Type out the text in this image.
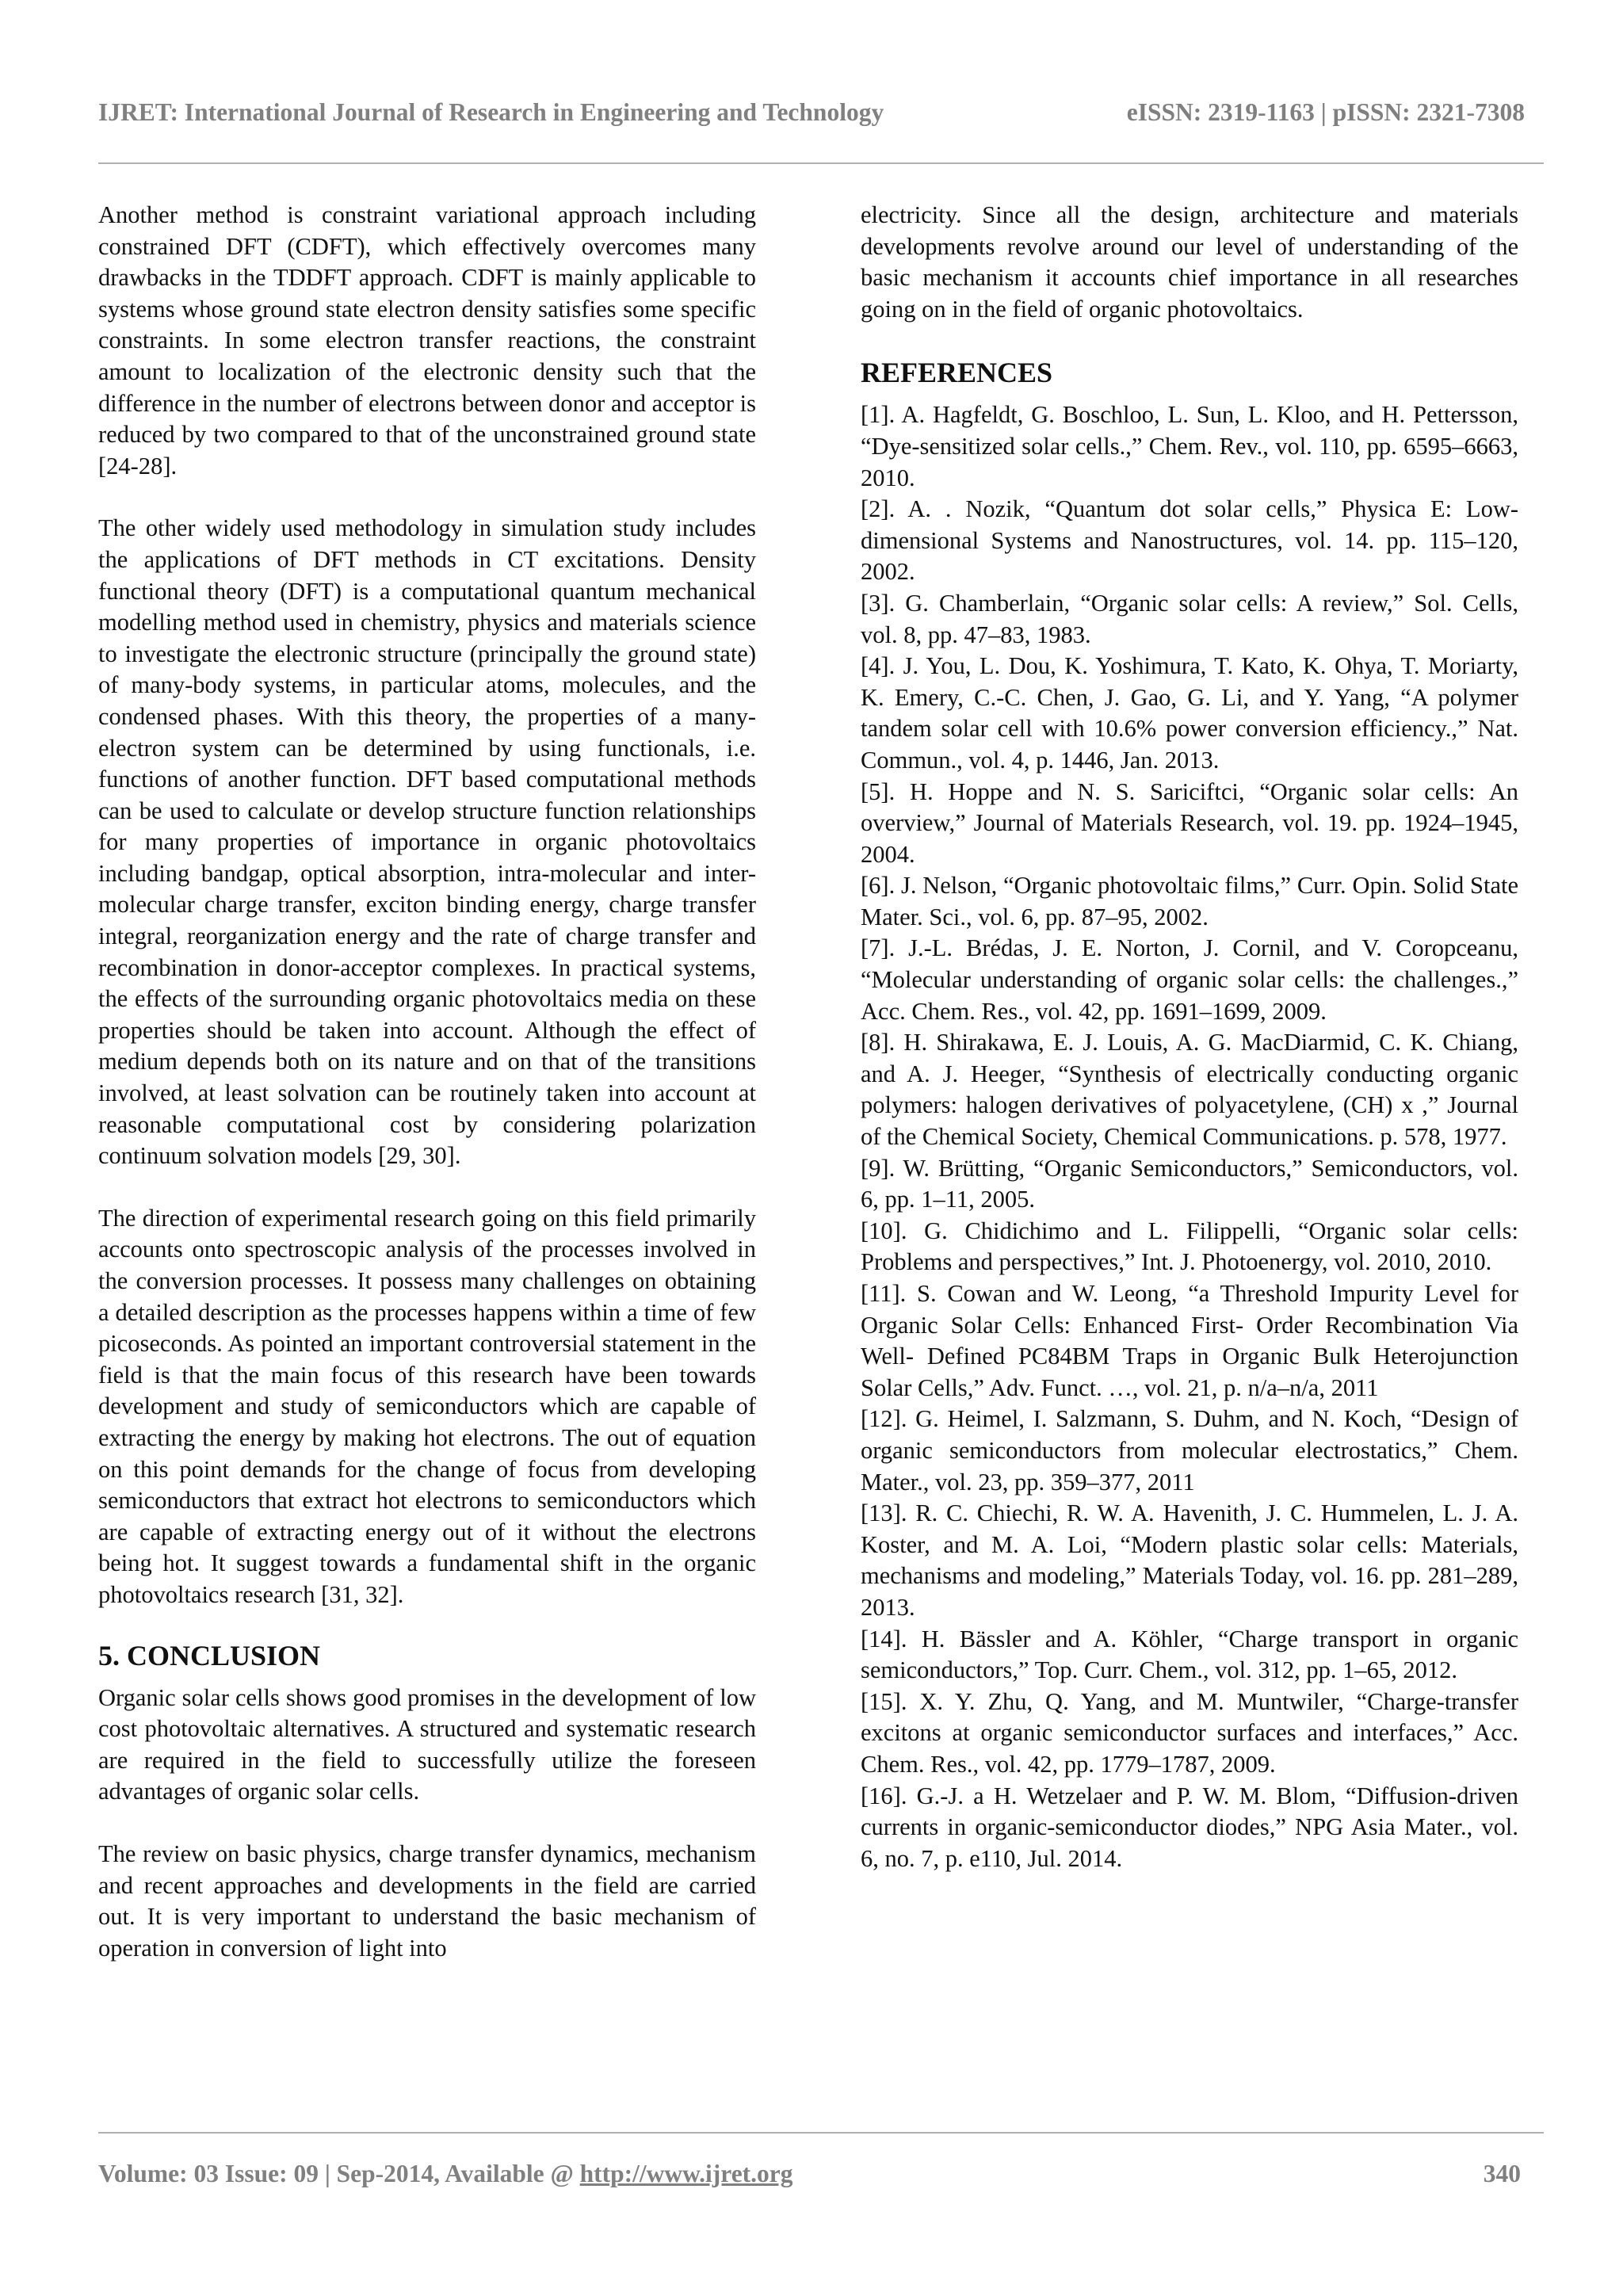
IJRET: International Journal of Research in Engineering and Technology	eISSN: 2319-1163 | pISSN: 2321-7308

Another method is constraint variational approach including constrained DFT (CDFT), which effectively overcomes many drawbacks in the TDDFT approach. CDFT is mainly applicable to systems whose ground state electron density satisfies some specific constraints. In some electron transfer reactions, the constraint amount to localization of the electronic density such that the difference in the number of electrons between donor and acceptor is reduced by two compared to that of the unconstrained ground state [24-28].

The other widely used methodology in simulation study includes the applications of DFT methods in CT excitations. Density functional theory (DFT) is a computational quantum mechanical modelling method used in chemistry, physics and materials science to investigate the electronic structure (principally the ground state) of many-body systems, in particular atoms, molecules, and the condensed phases. With this theory, the properties of a many-electron system can be determined by using functionals, i.e. functions of another function. DFT based computational methods can be used to calculate or develop structure function relationships for many properties of importance in organic photovoltaics including bandgap, optical absorption, intra-molecular and inter-molecular charge transfer, exciton binding energy, charge transfer integral, reorganization energy and the rate of charge transfer and recombination in donor-acceptor complexes. In practical systems, the effects of the surrounding organic photovoltaics media on these properties should be taken into account. Although the effect of medium depends both on its nature and on that of the transitions involved, at least solvation can be routinely taken into account at reasonable computational cost by considering polarization continuum solvation models [29, 30].

The direction of experimental research going on this field primarily accounts onto spectroscopic analysis of the processes involved in the conversion processes. It possess many challenges on obtaining a detailed description as the processes happens within a time of few picoseconds. As pointed an important controversial statement in the field is that the main focus of this research have been towards development and study of semiconductors which are capable of extracting the energy by making hot electrons. The out of equation on this point demands for the change of focus from developing semiconductors that extract hot electrons to semiconductors which are capable of extracting energy out of it without the electrons being hot. It suggest towards a fundamental shift in the organic photovoltaics research [31, 32].

5. CONCLUSION

Organic solar cells shows good promises in the development of low cost photovoltaic alternatives. A structured and systematic research are required in the field to successfully utilize the foreseen advantages of organic solar cells.

The review on basic physics, charge transfer dynamics, mechanism and recent approaches and developments in the field are carried out. It is very important to understand the basic mechanism of operation in conversion of light into

electricity. Since all the design, architecture and materials developments revolve around our level of understanding of the basic mechanism it accounts chief importance in all researches going on in the field of organic photovoltaics.

REFERENCES

[1]. A. Hagfeldt, G. Boschloo, L. Sun, L. Kloo, and H. Pettersson, “Dye-sensitized solar cells.,” Chem. Rev., vol. 110, pp. 6595–6663, 2010.

[2]. A. . Nozik, “Quantum dot solar cells,” Physica E: Low-dimensional Systems and Nanostructures, vol. 14. pp. 115–120, 2002.

[3]. G. Chamberlain, “Organic solar cells: A review,” Sol. Cells, vol. 8, pp. 47–83, 1983.

[4]. J. You, L. Dou, K. Yoshimura, T. Kato, K. Ohya, T. Moriarty, K. Emery, C.-C. Chen, J. Gao, G. Li, and Y. Yang, “A polymer tandem solar cell with 10.6% power conversion efficiency.,” Nat. Commun., vol. 4, p. 1446, Jan. 2013.

[5]. H. Hoppe and N. S. Sariciftci, “Organic solar cells: An overview,” Journal of Materials Research, vol. 19. pp. 1924–1945, 2004.

[6]. J. Nelson, “Organic photovoltaic films,” Curr. Opin. Solid State Mater. Sci., vol. 6, pp. 87–95, 2002.

[7]. J.-L. Brédas, J. E. Norton, J. Cornil, and V. Coropceanu, “Molecular understanding of organic solar cells: the challenges.,” Acc. Chem. Res., vol. 42, pp. 1691–1699, 2009.

[8]. H. Shirakawa, E. J. Louis, A. G. MacDiarmid, C. K. Chiang, and A. J. Heeger, “Synthesis of electrically conducting organic polymers: halogen derivatives of polyacetylene, (CH) x ,” Journal of the Chemical Society, Chemical Communications. p. 578, 1977.

[9]. W. Brütting, “Organic Semiconductors,” Semiconductors, vol. 6, pp. 1–11, 2005.

[10]. G. Chidichimo and L. Filippelli, “Organic solar cells: Problems and perspectives,” Int. J. Photoenergy, vol. 2010, 2010.

[11]. S. Cowan and W. Leong, “a Threshold Impurity Level for Organic Solar Cells: Enhanced First- Order Recombination Via Well- Defined PC84BM Traps in Organic Bulk Heterojunction Solar Cells,” Adv. Funct. …, vol. 21, p. n/a–n/a, 2011

[12]. G. Heimel, I. Salzmann, S. Duhm, and N. Koch, “Design of organic semiconductors from molecular electrostatics,” Chem. Mater., vol. 23, pp. 359–377, 2011

[13]. R. C. Chiechi, R. W. A. Havenith, J. C. Hummelen, L. J. A. Koster, and M. A. Loi, “Modern plastic solar cells: Materials, mechanisms and modeling,” Materials Today, vol. 16. pp. 281–289, 2013.

[14]. H. Bässler and A. Köhler, “Charge transport in organic semiconductors,” Top. Curr. Chem., vol. 312, pp. 1–65, 2012.

[15]. X. Y. Zhu, Q. Yang, and M. Muntwiler, “Charge-transfer excitons at organic semiconductor surfaces and interfaces,” Acc. Chem. Res., vol. 42, pp. 1779–1787, 2009.

[16]. G.-J. a H. Wetzelaer and P. W. M. Blom, “Diffusion-driven currents in organic-semiconductor diodes,” NPG Asia Mater., vol. 6, no. 7, p. e110, Jul. 2014.

Volume: 03 Issue: 09 | Sep-2014, Available @ http://www.ijret.org	340
